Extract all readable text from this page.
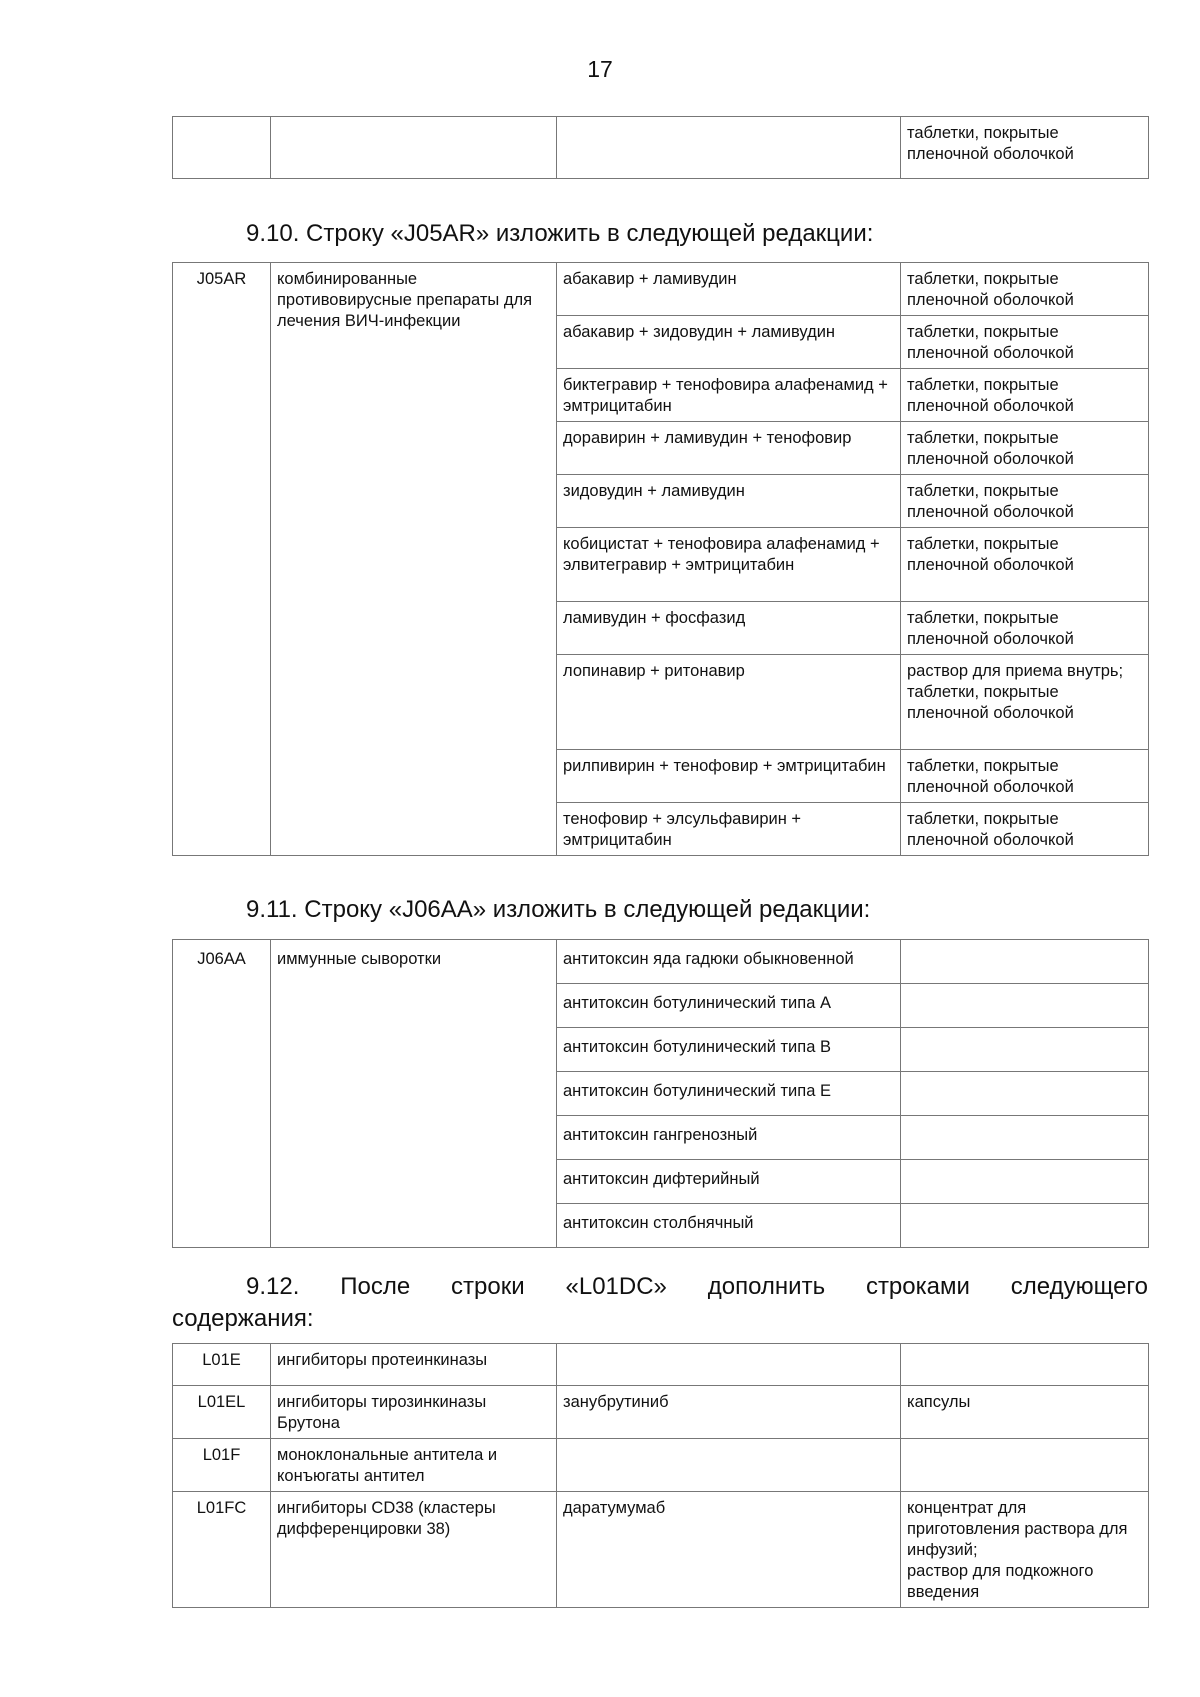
17
			таблетки, покрытые пленочной оболочкой
9.10. Строку «J05AR» изложить в следующей редакции:
J05AR	комбинированные противовирусные препараты для лечения ВИЧ-инфекции	абакавир + ламивудин	таблетки, покрытые пленочной оболочкой
		абакавир + зидовудин + ламивудин	таблетки, покрытые пленочной оболочкой
		биктегравир + тенофовира алафенамид + эмтрицитабин	таблетки, покрытые пленочной оболочкой
		доравирин + ламивудин + тенофовир	таблетки, покрытые пленочной оболочкой
		зидовудин + ламивудин	таблетки, покрытые пленочной оболочкой
		кобицистат + тенофовира алафенамид + элвитегравир + эмтрицитабин	таблетки, покрытые пленочной оболочкой
		ламивудин + фосфазид	таблетки, покрытые пленочной оболочкой
		лопинавир + ритонавир	раствор для приема внутрь;
таблетки, покрытые пленочной оболочкой
		рилпивирин + тенофовир + эмтрицитабин	таблетки, покрытые пленочной оболочкой
		тенофовир + элсульфавирин + эмтрицитабин	таблетки, покрытые пленочной оболочкой
9.11. Строку «J06AA» изложить в следующей редакции:
J06AA	иммунные сыворотки	антитоксин яда гадюки обыкновенной	
		антитоксин ботулинический типа A	
		антитоксин ботулинический типа B	
		антитоксин ботулинический типа E	
		антитоксин гангренозный	
		антитоксин дифтерийный	
		антитоксин столбнячный	
9.12. После строки «L01DC» дополнить строками следующего
содержания:
L01E	ингибиторы протеинкиназы		
L01EL	ингибиторы тирозинкиназы Брутона	занубрутиниб	капсулы
L01F	моноклональные антитела и конъюгаты антител		
L01FC	ингибиторы CD38 (кластеры дифференцировки 38)	даратумумаб	концентрат для приготовления раствора для инфузий;
раствор для подкожного введения
